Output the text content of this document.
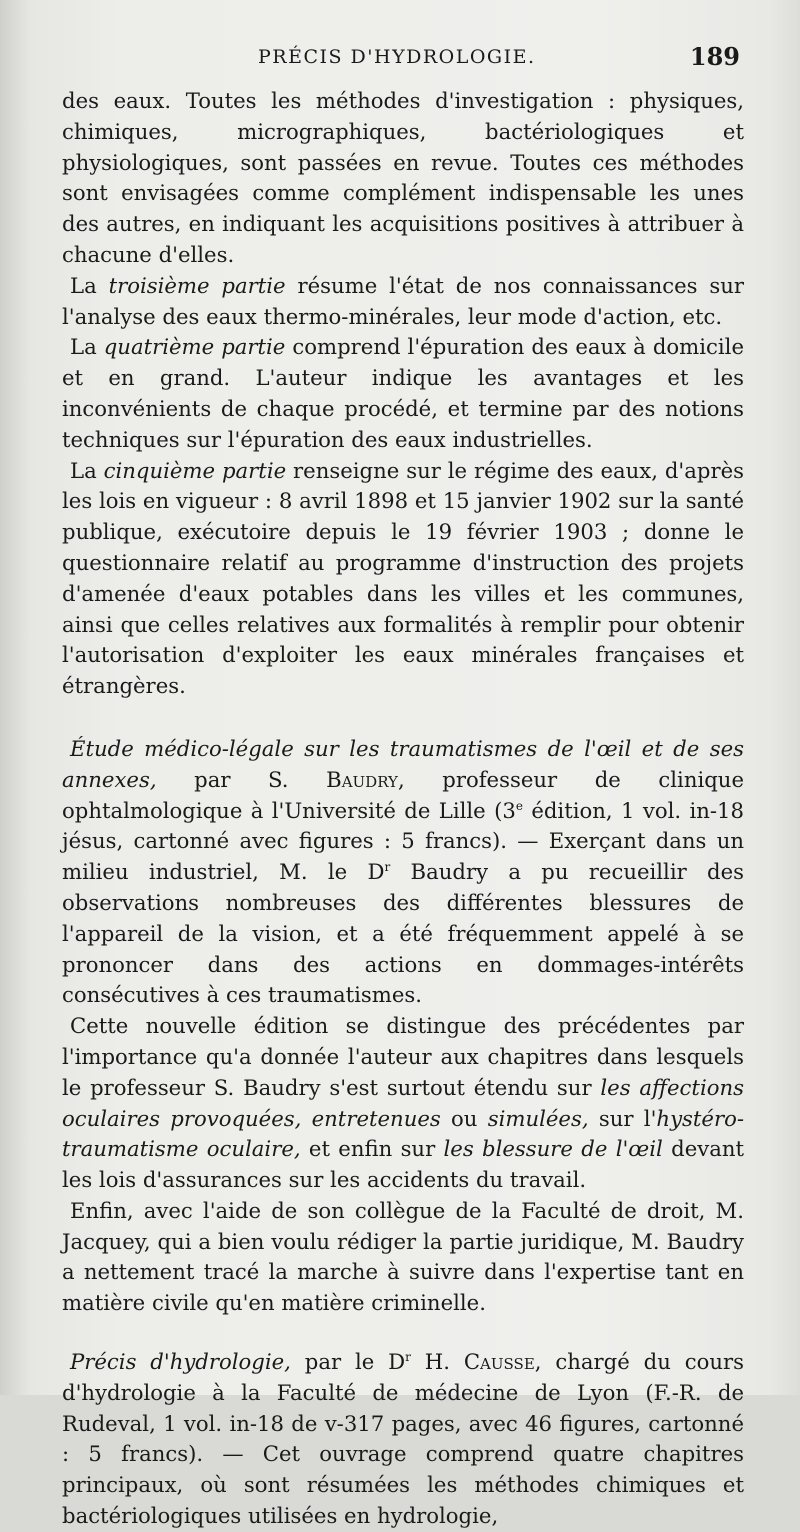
PRÉCIS D'HYDROLOGIE.	189

des eaux. Toutes les méthodes d'investigation : physiques, chimiques, micrographiques, bactériologiques et physiologiques, sont passées en revue. Toutes ces méthodes sont envisagées comme complément indispensable les unes des autres, en indiquant les acquisitions positives à attribuer à chacune d'elles.

La troisième partie résume l'état de nos connaissances sur l'analyse des eaux thermo-minérales, leur mode d'action, etc.

La quatrième partie comprend l'épuration des eaux à domicile et en grand. L'auteur indique les avantages et les inconvénients de chaque procédé, et termine par des notions techniques sur l'épuration des eaux industrielles.

La cinquième partie renseigne sur le régime des eaux, d'après les lois en vigueur : 8 avril 1898 et 15 janvier 1902 sur la santé publique, exécutoire depuis le 19 février 1903 ; donne le questionnaire relatif au programme d'instruction des projets d'amenée d'eaux potables dans les villes et les communes, ainsi que celles relatives aux formalités à remplir pour obtenir l'autorisation d'exploiter les eaux minérales françaises et étrangères.

Étude médico-légale sur les traumatismes de l'œil et de ses annexes, par S. Baudry, professeur de clinique ophtalmologique à l'Université de Lille (3e édition, 1 vol. in-18 jésus, cartonné avec figures : 5 francs). — Exerçant dans un milieu industriel, M. le $D^r$ Baudry a pu recueillir des observations nombreuses des différentes blessures de l'appareil de la vision, et a été fréquemment appelé à se prononcer dans des actions en dommages-intérêts consécutives à ces traumatismes.

Cette nouvelle édition se distingue des précédentes par l'importance qu'a donnée l'auteur aux chapitres dans lesquels le professeur S. Baudry s'est surtout étendu sur les affections oculaires provoquées, entretenues ou simulées, sur l'hystéro-traumatisme oculaire, et enfin sur les blessure de l'œil devant les lois d'assurances sur les accidents du travail.

Enfin, avec l'aide de son collègue de la Faculté de droit, M. Jacquey, qui a bien voulu rédiger la partie juridique, M. Baudry a nettement tracé la marche à suivre dans l'expertise tant en matière civile qu'en matière criminelle.

Précis d'hydrologie, par le $D^r$ H. Causse, chargé du cours d'hydrologie à la Faculté de médecine de Lyon (F.-R. de Rudeval, 1 vol. in-18 de v-317 pages, avec 46 figures, cartonné : 5 francs). — Cet ouvrage comprend quatre chapitres principaux, où sont résumées les méthodes chimiques et bactériologiques utilisées en hydrologie,
